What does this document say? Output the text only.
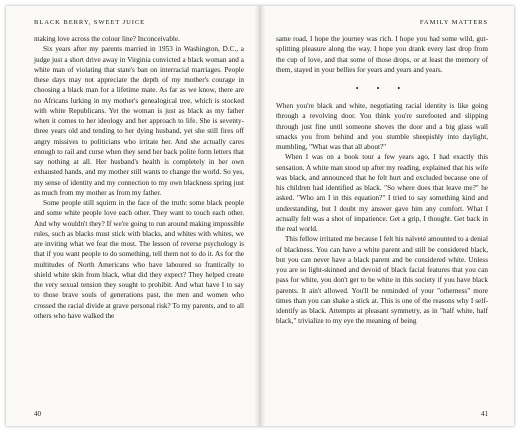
BLACK BERRY, SWEET JUICE

making love across the colour line? Inconceivable.

Six years after my parents married in 1953 in Washington, D.C., a judge just a short drive away in Virginia convicted a black woman and a white man of violating that state's ban on interracial marriages. People these days may not appreciate the depth of my mother's courage in choosing a black man for a lifetime mate. As far as we know, there are no Africans lurking in my mother's genealogical tree, which is stocked with white Republicans. Yet the woman is just as black as my father when it comes to her ideology and her approach to life. She is seventy-three years old and tending to her dying husband, yet she still fires off angry missives to politicians who irritate her. And she actually cares enough to rail and curse when they send her back polite form letters that say nothing at all. Her husband's health is completely in her own exhausted hands, and my mother still wants to change the world. So yes, my sense of identity and my connection to my own blackness spring just as much from my mother as from my father.

Some people still squirm in the face of the truth: some black people and some white people love each other. They want to touch each other. And why wouldn't they? If we're going to run around making impossible rules, such as blacks must stick with blacks, and whites with whites, we are inviting what we fear the most. The lesson of reverse psychology is that if you want people to do something, tell them not to do it. As for the multitudes of North Americans who have laboured so frantically to shield white skin from black, what did they expect? They helped create the very sexual tension they sought to prohibit. And what have I to say to those brave souls of generations past, the men and women who crossed the racial divide at grave personal risk? To my parents, and to all others who have walked the

40
FAMILY MATTERS

same road, I hope the journey was rich. I hope you had some wild, gut-splitting pleasure along the way. I hope you drank every last drop from the cup of love, and that some of those drops, or at least the memory of them, stayed in your bellies for years and years and years.

• • •

When you're black and white, negotiating racial identity is like going through a revolving door. You think you're surefooted and slipping through just fine until someone shoves the door and a big glass wall smacks you from behind and you stumble sheepishly into daylight, mumbling, "What was that all about?"

When I was on a book tour a few years ago, I had exactly this sensation. A white man stood up after my reading, explained that his wife was black, and announced that he felt hurt and excluded because one of his children had identified as black. "So where does that leave me?" he asked. "Who am I in this equation?" I tried to say something kind and understanding, but I doubt my answer gave him any comfort. What I actually felt was a shot of impatience. Get a grip, I thought. Get back in the real world.

This fellow irritated me because I felt his naïveté amounted to a denial of blackness. You can have a white parent and still be considered black, but you can never have a black parent and be considered white. Unless you are so light-skinned and devoid of black facial features that you can pass for white, you don't get to be white in this society if you have black parents. It ain't allowed. You'll be reminded of your "otherness" more times than you can shake a stick at. This is one of the reasons why I self-identify as black. Attempts at pleasant symmetry, as in "half white, half black," trivialize to my eye the meaning of being

41
